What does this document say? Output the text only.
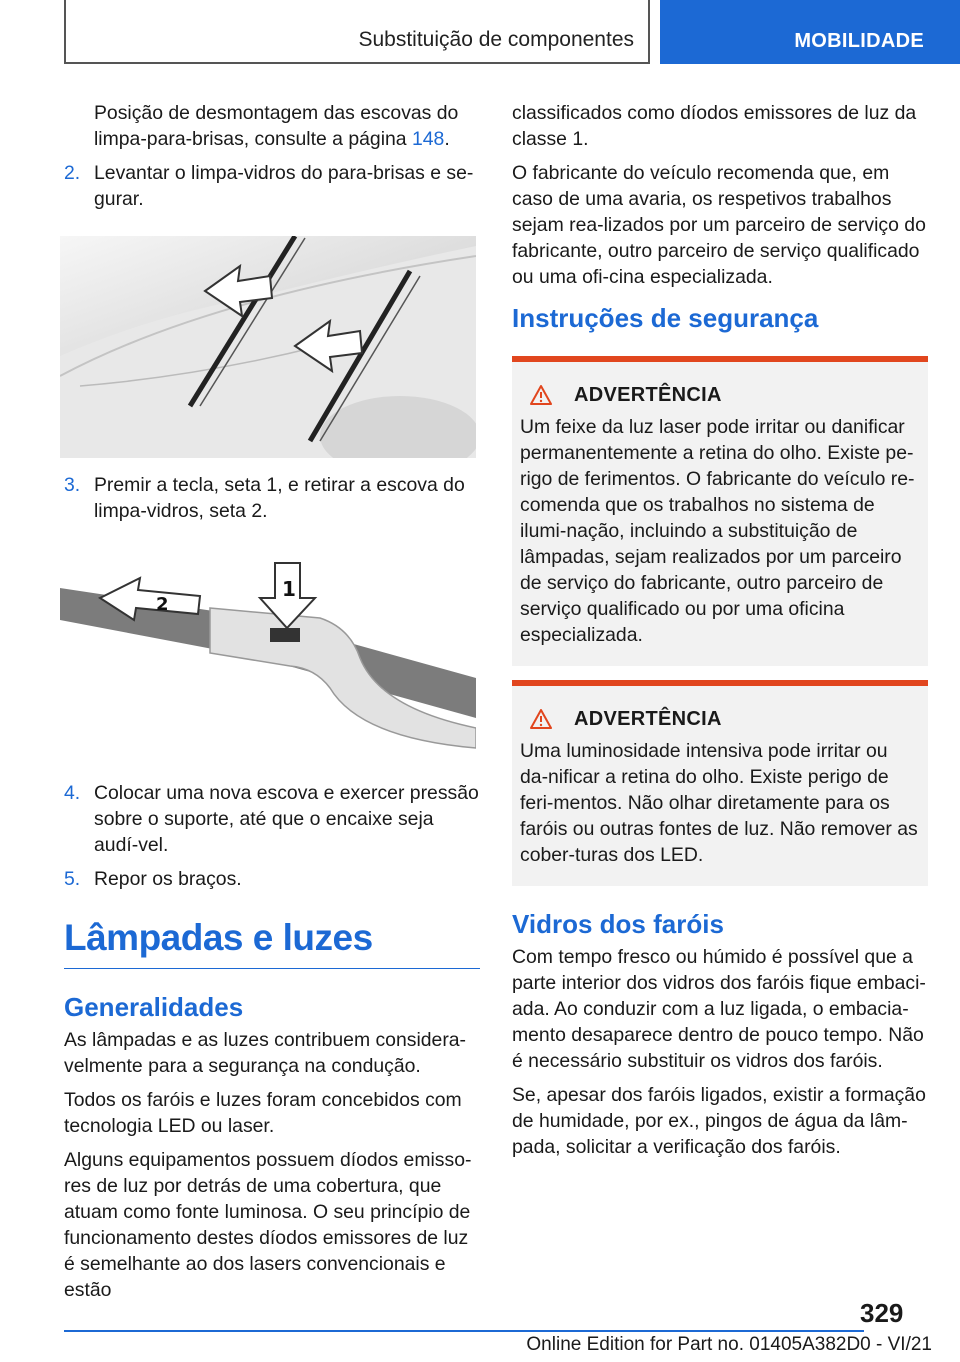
Substituição de componentes	MOBILIDADE

Posição de desmontagem das escovas do limpa-para-brisas, consulte a página 148.

2. Levantar o limpa-vidros do para-brisas e se-gurar.
3. Premir a tecla, seta 1, e retirar a escova do limpa-vidros, seta 2.
2
1
4. Colocar uma nova escova e exercer pressão sobre o suporte, até que o encaixe seja audí-vel.
5. Repor os braços.
Lâmpadas e luzes
Generalidades

As lâmpadas e as luzes contribuem considera-velmente para a segurança na condução.

Todos os faróis e luzes foram concebidos com tecnologia LED ou laser.

Alguns equipamentos possuem díodos emisso-res de luz por detrás de uma cobertura, que atuam como fonte luminosa. O seu princípio de funcionamento destes díodos emissores de luz é semelhante ao dos lasers convencionais e estão

classificados como díodos emissores de luz da classe 1.

O fabricante do veículo recomenda que, em caso de uma avaria, os respetivos trabalhos sejam rea-lizados por um parceiro de serviço do fabricante, outro parceiro de serviço qualificado ou uma ofi-cina especializada.

Instruções de segurança
ADVERTÊNCIA

Um feixe da luz laser pode irritar ou danificar permanentemente a retina do olho. Existe pe-rigo de ferimentos. O fabricante do veículo re-comenda que os trabalhos no sistema de ilumi-nação, incluindo a substituição de lâmpadas, sejam realizados por um parceiro de serviço do fabricante, outro parceiro de serviço qualificado ou por uma oficina especializada.

ADVERTÊNCIA

Uma luminosidade intensiva pode irritar ou da-nificar a retina do olho. Existe perigo de feri-mentos. Não olhar diretamente para os faróis ou outras fontes de luz. Não remover as cober-turas dos LED.

Vidros dos faróis

Com tempo fresco ou húmido é possível que a parte interior dos vidros dos faróis fique embaci-ada. Ao conduzir com a luz ligada, o embacia-mento desaparece dentro de pouco tempo. Não é necessário substituir os vidros dos faróis.

Se, apesar dos faróis ligados, existir a formação de humidade, por ex., pingos de água da lâm-pada, solicitar a verificação dos faróis.

329
Online Edition for Part no. 01405A382D0 - VI/21
